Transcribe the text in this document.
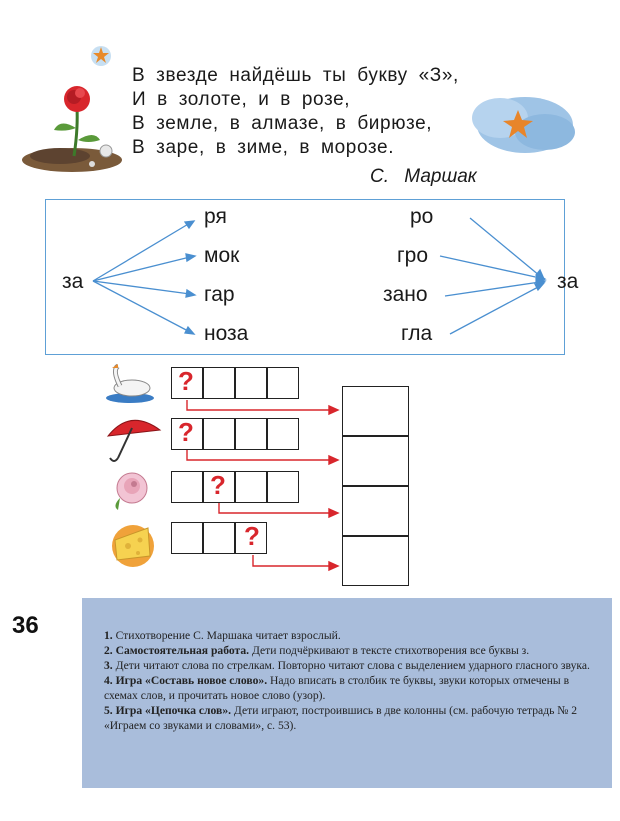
В звезде найдёшь ты букву «З»,
И в золоте, и в розе,
В земле, в алмазе, в бирюзе,
В заре, в зиме, в морозе.
С. Маршак
за
ря
мок
гар
ноза
ро
гро
зано
гла
за
?
?
?
?
36	1. Стихотворение С. Маршака читает взрослый.

2. Самостоятельная работа. Дети подчёркивают в тексте стихотворения все буквы з.

3. Дети читают слова по стрелкам. Повторно читают слова с выделением ударного гласного звука.

4. Игра «Составь новое слово». Надо вписать в столбик те буквы, звуки которых отмечены в схемах слов, и прочитать новое слово (узор).

5. Игра «Цепочка слов». Дети играют, построившись в две колонны (см. рабочую тетрадь № 2 «Играем со звуками и словами», с. 53).
